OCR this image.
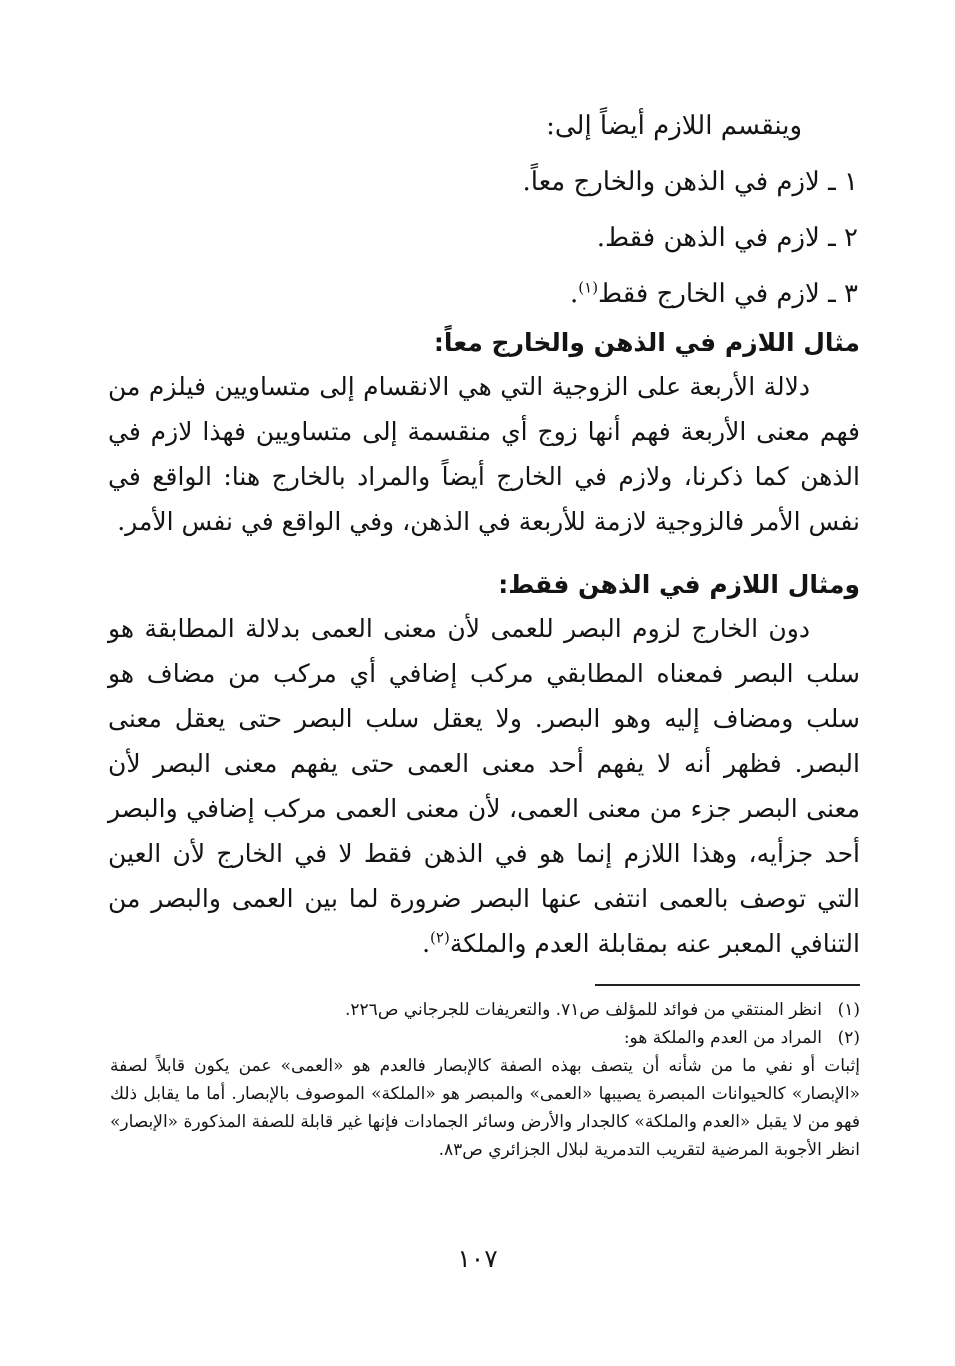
وينقسم اللازم أيضاً إلى:
١ ـ لازم في الذهن والخارج معاً.
٢ ـ لازم في الذهن فقط.
٣ ـ لازم في الخارج فقط$^{(١)}$.
مثال اللازم في الذهن والخارج معاً:
دلالة الأربعة على الزوجية التي هي الانقسام إلى متساويين فيلزم من فهم معنى الأربعة فهم أنها زوج أي منقسمة إلى متساويين فهذا لازم في الذهن كما ذكرنا، ولازم في الخارج أيضاً والمراد بالخارج هنا: الواقع في نفس الأمر فالزوجية لازمة للأربعة في الذهن، وفي الواقع في نفس الأمر.
ومثال اللازم في الذهن فقط:
دون الخارج لزوم البصر للعمى لأن معنى العمى بدلالة المطابقة هو سلب البصر فمعناه المطابقي مركب إضافي أي مركب من مضاف هو سلب ومضاف إليه وهو البصر. ولا يعقل سلب البصر حتى يعقل معنى البصر. فظهر أنه لا يفهم أحد معنى العمى حتى يفهم معنى البصر لأن معنى البصر جزء من معنى العمى، لأن معنى العمى مركب إضافي والبصر أحد جزأيه، وهذا اللازم إنما هو في الذهن فقط لا في الخارج لأن العين التي توصف بالعمى انتفى عنها البصر ضرورة لما بين العمى والبصر من التنافي المعبر عنه بمقابلة العدم والملكة$^{(٢)}$.
(١)انظر المنتقي من فوائد للمؤلف ص٧١. والتعريفات للجرجاني ص٢٢٦.
(٢)المراد من العدم والملكة هو:
إثبات أو نفي ما من شأنه أن يتصف بهذه الصفة كالإبصار فالعدم هو «العمى» عمن يكون قابلاً لصفة «الإبصار» كالحيوانات المبصرة يصيبها «العمى» والمبصر هو «الملكة» الموصوف بالإبصار. أما ما يقابل ذلك فهو من لا يقبل «العدم والملكة» كالجدار والأرض وسائر الجمادات فإنها غير قابلة للصفة المذكورة «الإبصار» انظر الأجوبة المرضية لتقريب التدمرية لبلال الجزائري ص٨٣.
١٠٧
